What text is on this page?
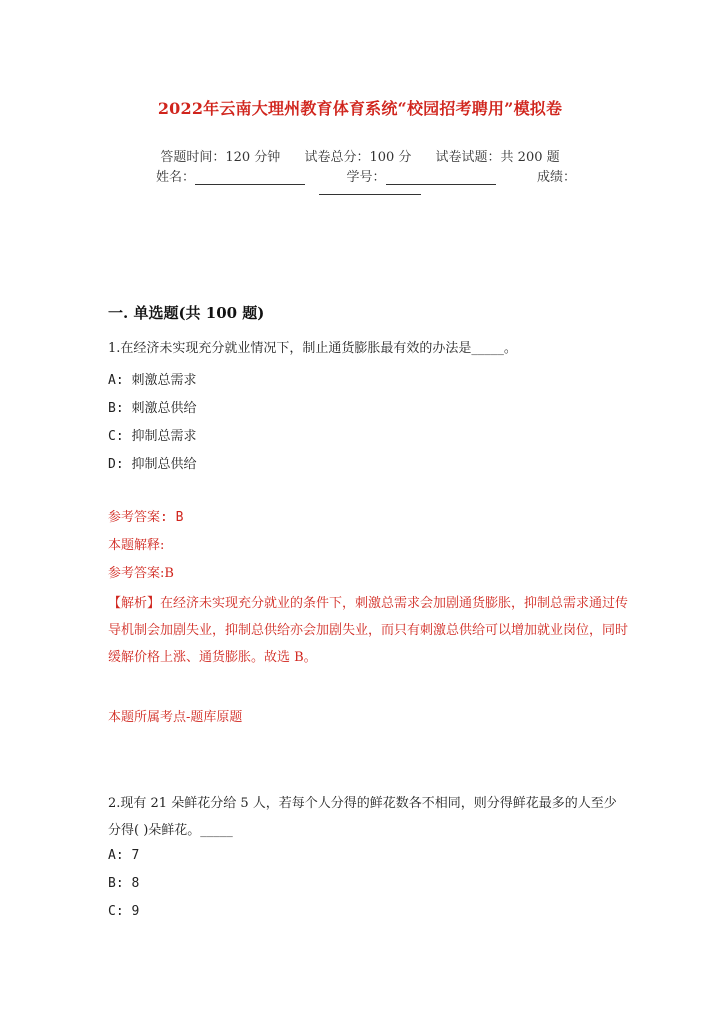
2022年云南大理州教育体育系统“校园招考聘用”模拟卷
答题时间：120 分钟 试卷总分：100 分 试卷试题：共 200 题
姓名：	学号：	成绩：
一. 单选题(共 100 题)
1.在经济未实现充分就业情况下，制止通货膨胀最有效的办法是_____。
A: 刺激总需求
B: 刺激总供给
C: 抑制总需求
D: 抑制总供给
参考答案: B
本题解释:
参考答案:B
【解析】在经济未实现充分就业的条件下，刺激总需求会加剧通货膨胀，抑制总需求通过传导机制会加剧失业，抑制总供给亦会加剧失业，而只有刺激总供给可以增加就业岗位，同时缓解价格上涨、通货膨胀。故选 B。
本题所属考点-题库原题
2.现有 21 朵鲜花分给 5 人，若每个人分得的鲜花数各不相同，则分得鲜花最多的人至少分得( )朵鲜花。_____
A: 7
B: 8
C: 9
